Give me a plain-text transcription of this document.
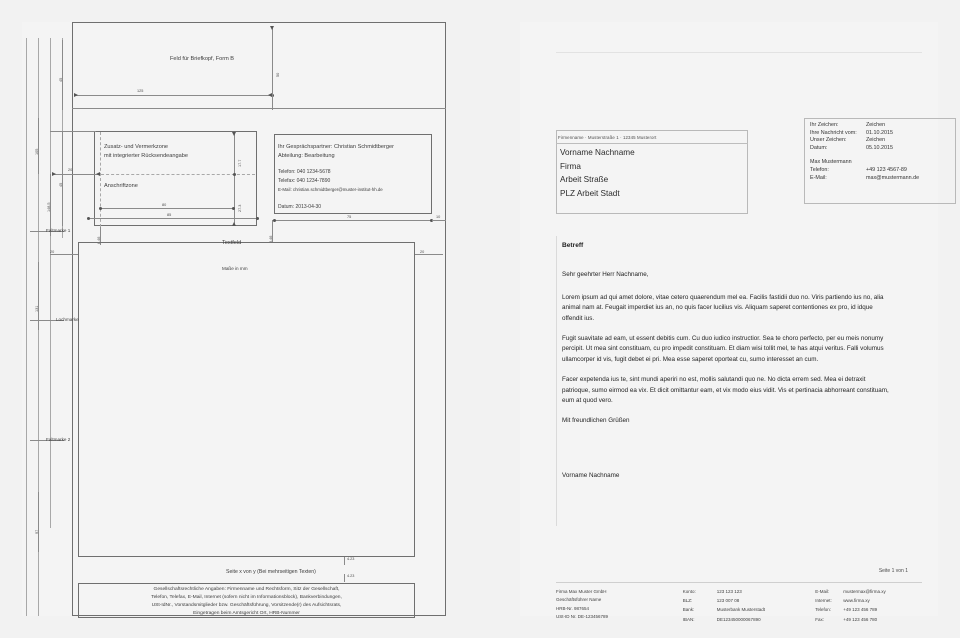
Feld für Briefkopf, Form B
125
50
45
Zusatz- und Vermerkzone
mit integrierter Rücksendeangabe
Anschriftzone
17.7
27.3
80
85
105
20
45
148.5
Ihr Gesprächspartner: Christian Schmidtberger
Abteilung: Bearbeitung
Telefon: 040 1234-5678
Telefax: 040 1234-7890
E-Mail: christian.schmidtberger@muster-institut-hh.de
Datum: 2013-04-30
75	10
8.46	8.46
Textfeld
Maße in mm
20	20
Faltmarke 1
Lochmarke
Faltmarke 2
131
97
4.23
Seite x von y (Bei mehrseitigen Texten)
4.23
Gesellschaftsrechtliche Angaben: Firmenname und Rechtsform, Sitz der Gesellschaft,
Telefon, Telefax, E-Mail, Internet (sofern nicht im Informationsblock), Bankverbindungen,
USt-IdNr., Vorstandsmitglieder bzw. Geschäftsführung, Vorsitzende(r) des Aufsichtsrats,
Eingetragen beim Amtsgericht Ort, HRB-Nummer
Firmenname · Musterstraße 1 · 12345 Musterort
Vorname Nachname
Firma
Arbeit Straße
PLZ Arbeit Stadt
Ihr Zeichen:	Zeichen
Ihre Nachricht vom:	01.10.2015
Unser Zeichen:	Zeichen
Datum:	05.10.2015

Max Mustermann	
Telefon:	+49 123 4567-89
E-Mail:	max@mustermann.de
Betreff

Sehr geehrter Herr Nachname,

Lorem ipsum ad qui amet dolore, vitae cetero quaerendum mel ea. Facilis fastidii duo no. Viris partiendo ius no, alia animal nam at. Feugait imperdiet ius an, no quis facer lucilius vis. Aliquam saperet contentiones ex pro, id idque offendit ius.

Fugit suavitate ad eam, ut essent debitis cum. Cu duo iudico instructior. Sea te choro perfecto, per eu meis nonumy percipit. Ut mea sint constituam, cu pro impedit constituam. Et diam wisi tollit mel, te has atqui veritus. Falli volumus ullamcorper id vis, fugit debet ei pri. Mea esse saperet oporteat cu, sumo interesset an cum.

Facer expetenda ius te, sint mundi aperiri no est, mollis salutandi quo ne. No dicta errem sed. Mea ei detraxit patrioque, sumo eirmod ea vix. Et dicit omittantur eam, et vix modo eius vidit. Vis et pertinacia abhorreant constituam, eum at quod vero.

Mit freundlichen Grüßen

Vorname Nachname

Seite 1 von 1
Firma Max Muster GmbH
Geschäftsführer Name
HRB-Nr. 987654
USt-ID Nr. DE-123456789
Konto:	123 123 123
BLZ:	123 007 08
Bank:	Musterbank Musterstadt
IBAN:	DE123450000067890
E-Mail:	mustermax@firma.xy
Internet:	www.firma.xy
Telefon:	+49 123 456 789
Fax:	+49 123 456 780
